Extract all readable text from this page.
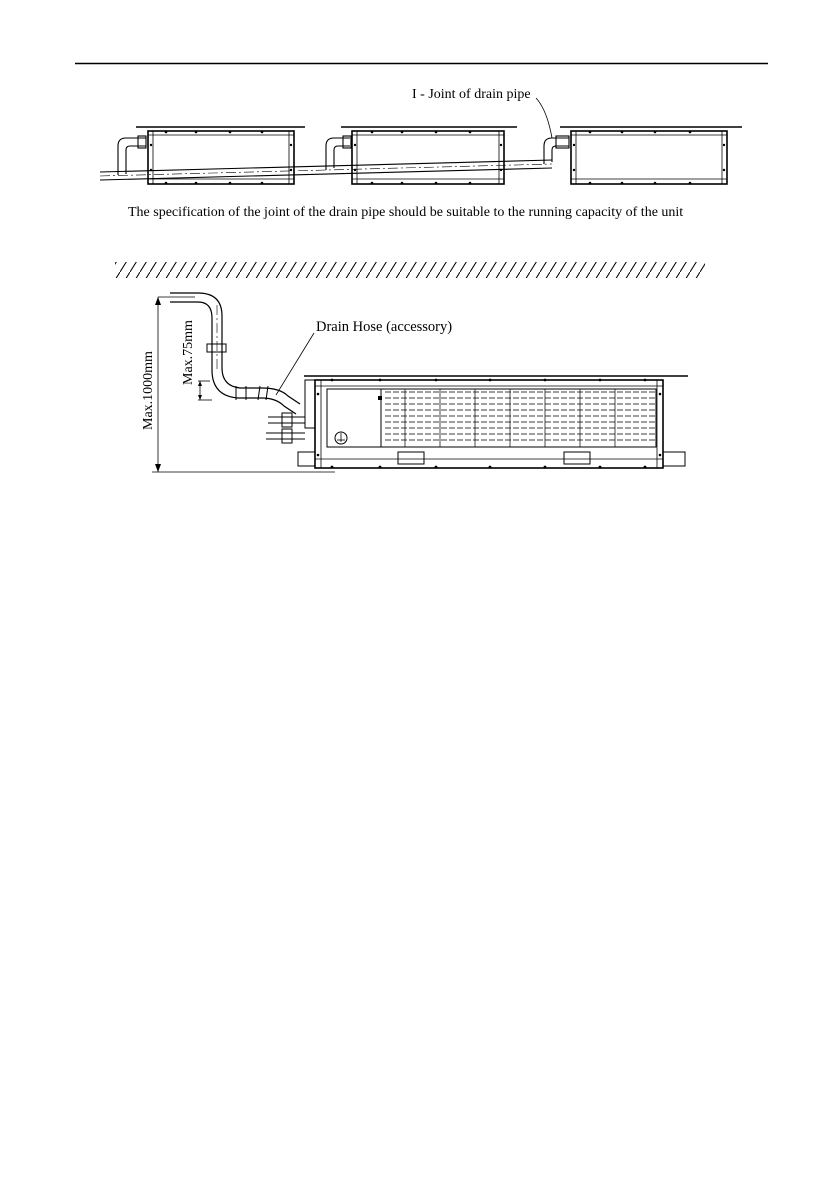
I - Joint of drain pipe
The specification of the joint of the drain pipe should be suitable to the running capacity of the unit
Drain Hose (accessory)
Max.1000mm Max.75mm
